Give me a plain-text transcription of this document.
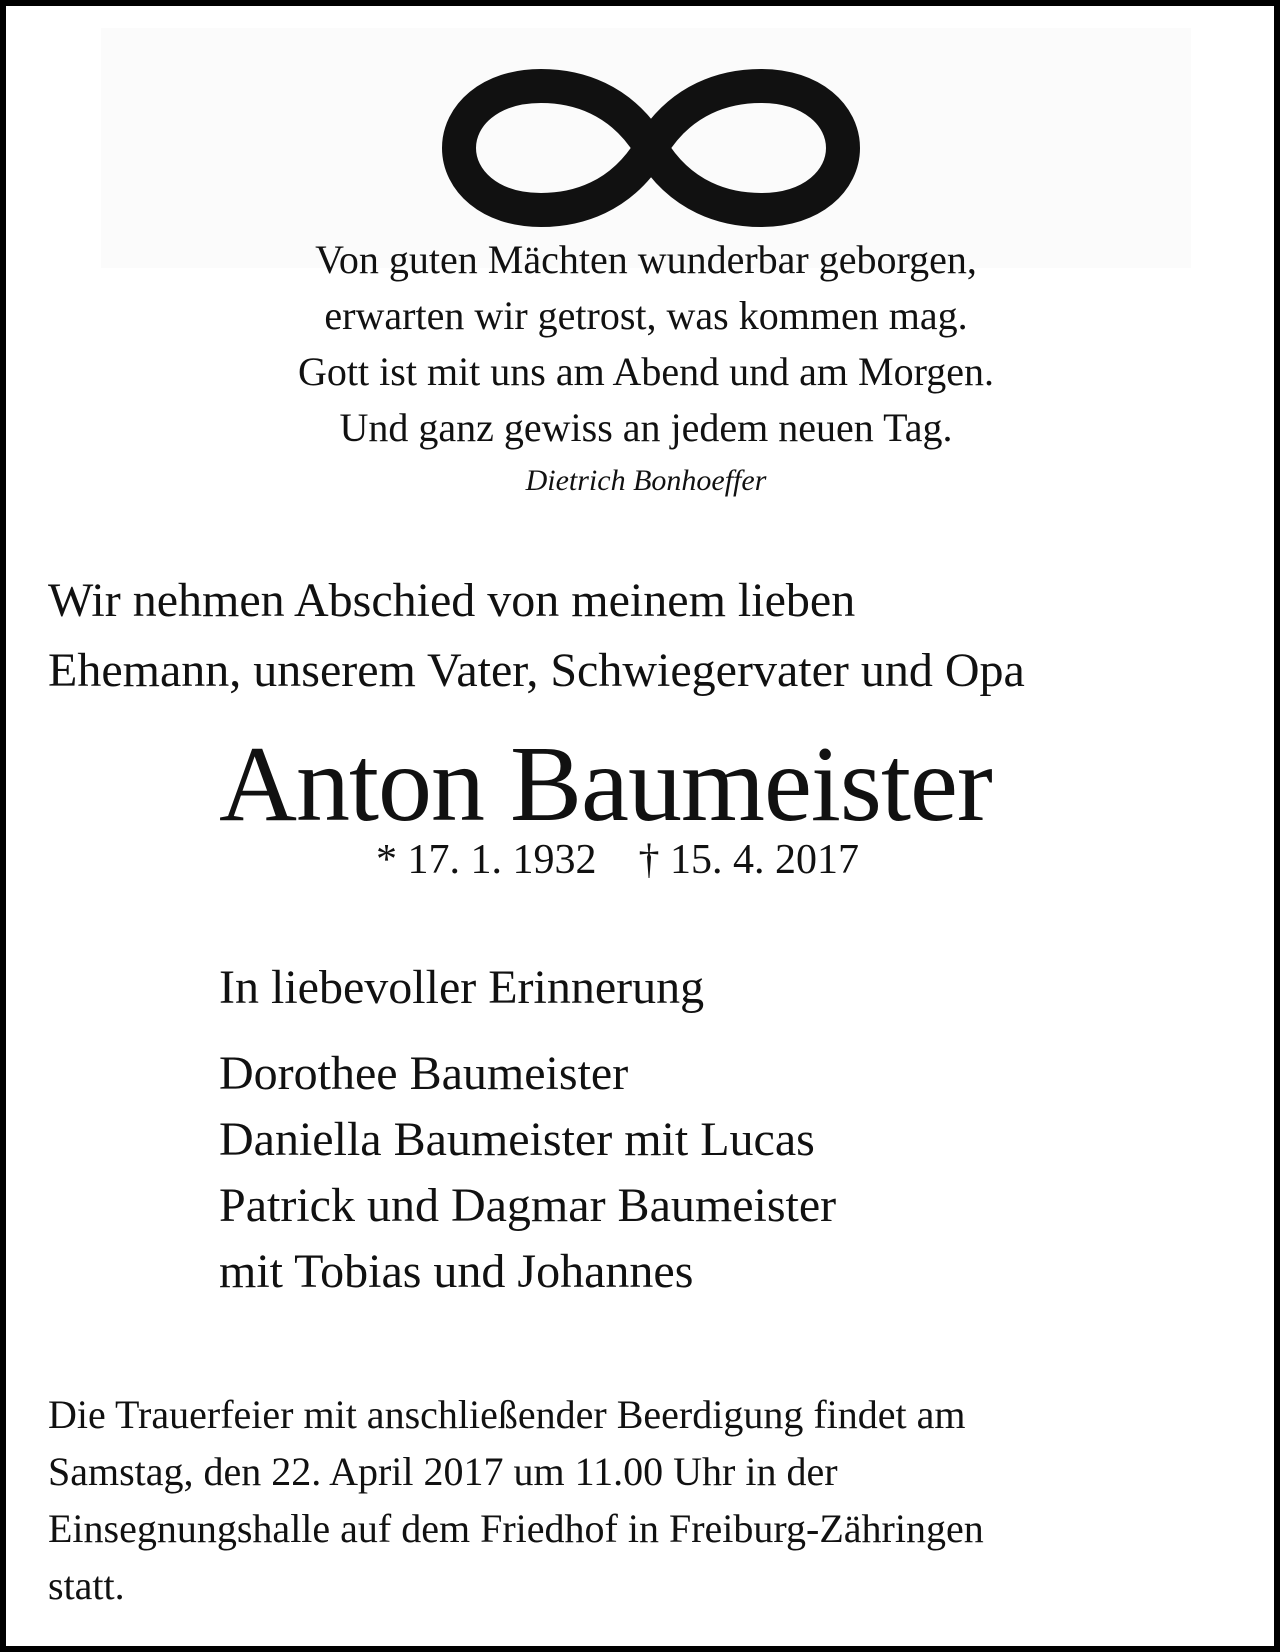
Von guten Mächten wunderbar geborgen,
erwarten wir getrost, was kommen mag.
Gott ist mit uns am Abend und am Morgen.
Und ganz gewiss an jedem neuen Tag.
Dietrich Bonhoeffer
Wir nehmen Abschied von meinem lieben
Ehemann, unserem Vater, Schwiegervater und Opa
Anton Baumeister
* 17. 1. 1932 † 15. 4. 2017
In liebevoller Erinnerung
Dorothee Baumeister
Daniella Baumeister mit Lucas
Patrick und Dagmar Baumeister
mit Tobias und Johannes
Die Trauerfeier mit anschließender Beerdigung findet am
Samstag, den 22. April 2017 um 11.00 Uhr in der
Einsegnungshalle auf dem Friedhof in Freiburg-Zähringen
statt.
